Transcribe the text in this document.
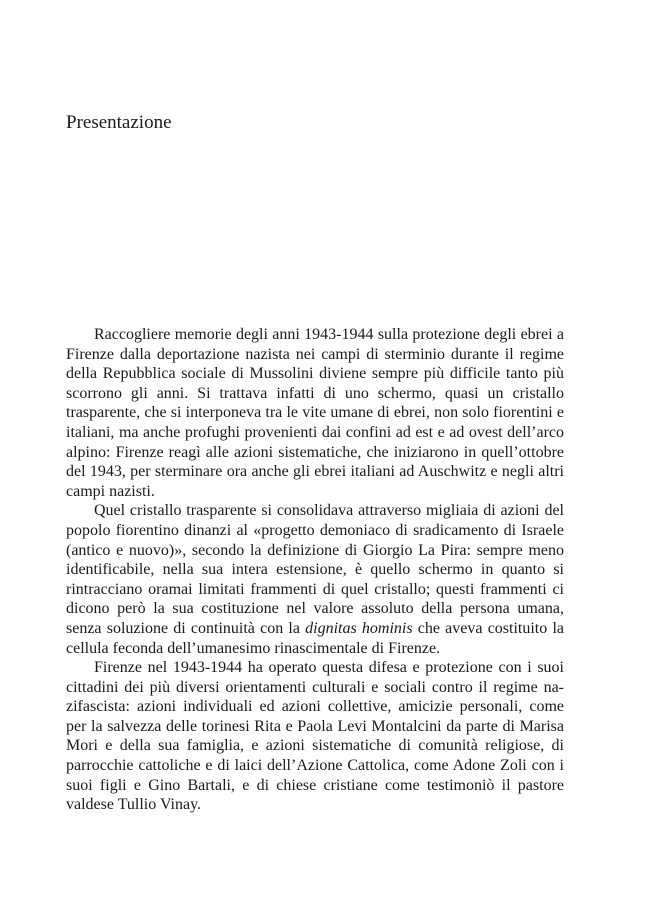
Presentazione

Raccogliere memorie degli anni 1943-1944 sulla protezione degli ebrei a Firenze dalla deportazione nazista nei campi di sterminio durante il regime della Repubblica sociale di Mussolini diviene sempre più difficile tanto più scorrono gli anni. Si trattava infatti di uno schermo, quasi un cristallo trasparente, che si interponeva tra le vite umane di ebrei, non solo fiorentini e italiani, ma anche profughi provenienti dai confini ad est e ad ovest dell’arco alpino: Firenze reagì alle azioni sistematiche, che iniziarono in quell’ottobre del 1943, per sterminare ora anche gli ebrei italiani ad Auschwitz e negli altri campi nazisti.

Quel cristallo trasparente si consolidava attraverso migliaia di azioni del popolo fiorentino dinanzi al «progetto demoniaco di sradicamento di Israele (antico e nuovo)», secondo la definizione di Giorgio La Pira: sempre meno identificabile, nella sua intera estensione, è quello schermo in quanto si rintracciano oramai limitati frammenti di quel cristallo; questi frammenti ci dicono però la sua costituzione nel valore assoluto della persona umana, senza soluzione di continuità con la dignitas hominis che aveva costituito la cellula feconda dell’umanesimo rinascimentale di Firenze.

Firenze nel 1943-1944 ha operato questa difesa e protezione con i suoi cittadini dei più diversi orientamenti culturali e sociali contro il regime nazifascista: azioni individuali ed azioni collettive, amicizie personali, come per la salvezza delle torinesi Rita e Paola Levi Montalcini da parte di Marisa Mori e della sua famiglia, e azioni sistematiche di comunità religiose, di parrocchie cattoliche e di laici dell’Azione Cattolica, come Adone Zoli con i suoi figli e Gino Bartali, e di chiese cristiane come testimoniò il pastore valdese Tullio Vinay.
